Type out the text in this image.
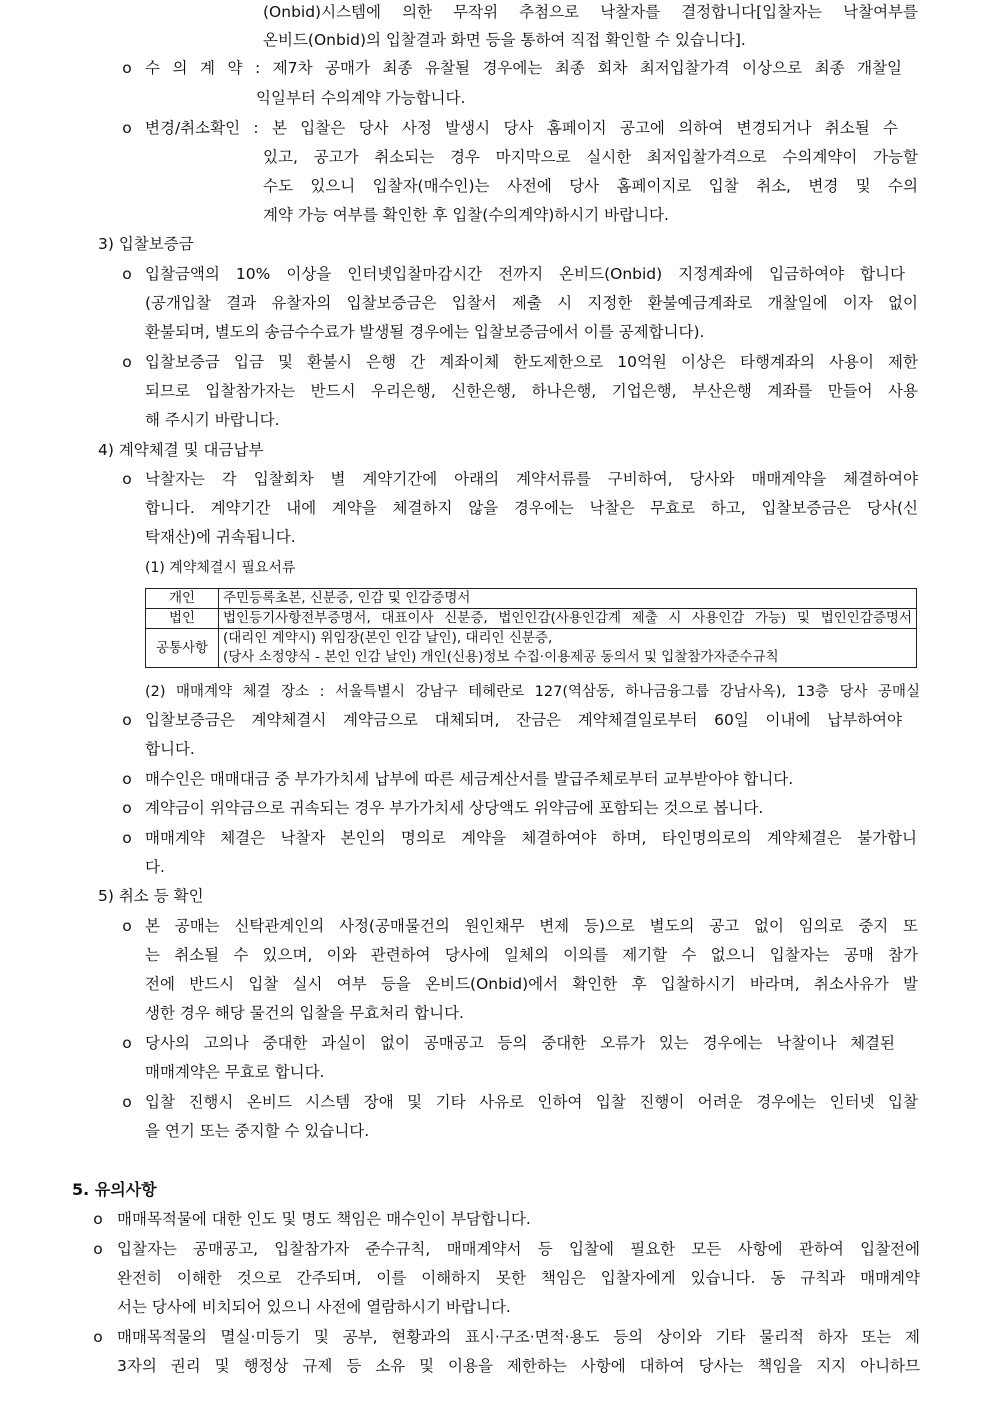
(Onbid)시스템에 의한 무작위 추첨으로 낙찰자를 결정합니다[입찰자는 낙찰여부를
온비드(Onbid)의 입찰결과 화면 등을 통하여 직접 확인할 수 있습니다].
o 수 의 계 약 : 제7차 공매가 최종 유찰될 경우에는 최종 회차 최저입찰가격 이상으로 최종 개찰일
익일부터 수의계약 가능합니다.
o 변경/취소확인 : 본 입찰은 당사 사정 발생시 당사 홈페이지 공고에 의하여 변경되거나 취소될 수
있고, 공고가 취소되는 경우 마지막으로 실시한 최저입찰가격으로 수의계약이 가능할
수도 있으니 입찰자(매수인)는 사전에 당사 홈페이지로 입찰 취소, 변경 및 수의
계약 가능 여부를 확인한 후 입찰(수의계약)하시기 바랍니다.
3) 입찰보증금
o 입찰금액의 10% 이상을 인터넷입찰마감시간 전까지 온비드(Onbid) 지정계좌에 입금하여야 합니다
(공개입찰 결과 유찰자의 입찰보증금은 입찰서 제출 시 지정한 환불예금계좌로 개찰일에 이자 없이
환불되며, 별도의 송금수수료가 발생될 경우에는 입찰보증금에서 이를 공제합니다).
o 입찰보증금 입금 및 환불시 은행 간 계좌이체 한도제한으로 10억원 이상은 타행계좌의 사용이 제한
되므로 입찰참가자는 반드시 우리은행, 신한은행, 하나은행, 기업은행, 부산은행 계좌를 만들어 사용
해 주시기 바랍니다.
4) 계약체결 및 대금납부
o 낙찰자는 각 입찰회차 별 계약기간에 아래의 계약서류를 구비하여, 당사와 매매계약을 체결하여야
합니다. 계약기간 내에 계약을 체결하지 않을 경우에는 낙찰은 무효로 하고, 입찰보증금은 당사(신
탁재산)에 귀속됩니다.
(1) 계약체결시 필요서류
개인	주민등록초본, 신분증, 인감 및 인감증명서
법인	법인등기사항전부증명서, 대표이사 신분증, 법인인감(사용인감계 제출 시 사용인감 가능) 및 법인인감증명서
공통사항	(대리인 계약시) 위임장(본인 인감 날인), 대리인 신분증,
(당사 소정양식 - 본인 인감 날인) 개인(신용)정보 수집·이용제공 동의서 및 입찰참가자준수규칙
(2) 매매계약 체결 장소 : 서울특별시 강남구 테헤란로 127(역삼동, 하나금융그룹 강남사옥), 13층 당사 공매실
o 입찰보증금은 계약체결시 계약금으로 대체되며, 잔금은 계약체결일로부터 60일 이내에 납부하여야
합니다.
o 매수인은 매매대금 중 부가가치세 납부에 따른 세금계산서를 발급주체로부터 교부받아야 합니다.
o 계약금이 위약금으로 귀속되는 경우 부가가치세 상당액도 위약금에 포함되는 것으로 봅니다.
o 매매계약 체결은 낙찰자 본인의 명의로 계약을 체결하여야 하며, 타인명의로의 계약체결은 불가합니
다.
5) 취소 등 확인
o 본 공매는 신탁관계인의 사정(공매물건의 원인채무 변제 등)으로 별도의 공고 없이 임의로 중지 또
는 취소될 수 있으며, 이와 관련하여 당사에 일체의 이의를 제기할 수 없으니 입찰자는 공매 참가
전에 반드시 입찰 실시 여부 등을 온비드(Onbid)에서 확인한 후 입찰하시기 바라며, 취소사유가 발
생한 경우 해당 물건의 입찰을 무효처리 합니다.
o 당사의 고의나 중대한 과실이 없이 공매공고 등의 중대한 오류가 있는 경우에는 낙찰이나 체결된
매매계약은 무효로 합니다.
o 입찰 진행시 온비드 시스템 장애 및 기타 사유로 인하여 입찰 진행이 어려운 경우에는 인터넷 입찰
을 연기 또는 중지할 수 있습니다.
5. 유의사항
o 매매목적물에 대한 인도 및 명도 책임은 매수인이 부담합니다.
o 입찰자는 공매공고, 입찰참가자 준수규칙, 매매계약서 등 입찰에 필요한 모든 사항에 관하여 입찰전에
완전히 이해한 것으로 간주되며, 이를 이해하지 못한 책임은 입찰자에게 있습니다. 동 규칙과 매매계약
서는 당사에 비치되어 있으니 사전에 열람하시기 바랍니다.
o 매매목적물의 멸실·미등기 및 공부, 현황과의 표시·구조·면적·용도 등의 상이와 기타 물리적 하자 또는 제
3자의 권리 및 행정상 규제 등 소유 및 이용을 제한하는 사항에 대하여 당사는 책임을 지지 아니하므
